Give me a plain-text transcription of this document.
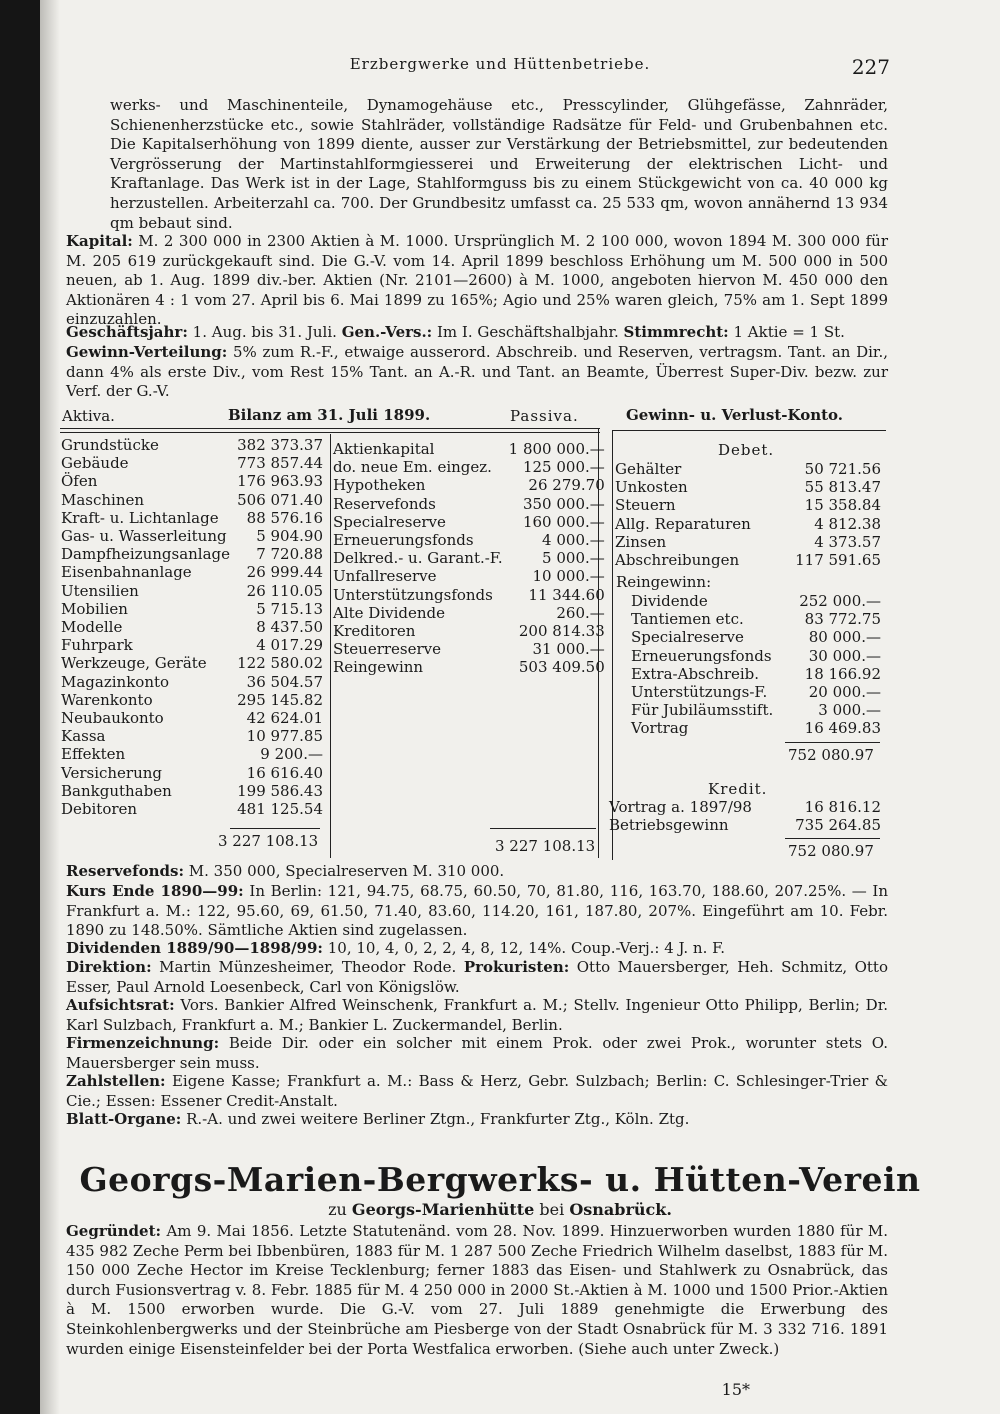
Erzbergwerke und Hüttenbetriebe.	227

werks- und Maschinenteile, Dynamogehäuse etc., Presscylinder, Glühgefässe, Zahnräder, Schienenherzstücke etc., sowie Stahlräder, vollständige Radsätze für Feld- und Grubenbahnen etc. Die Kapitalserhöhung von 1899 diente, ausser zur Verstärkung der Betriebsmittel, zur bedeutenden Vergrösserung der Martinstahlformgiesserei und Erweiterung der elektrischen Licht- und Kraftanlage. Das Werk ist in der Lage, Stahlformguss bis zu einem Stückgewicht von ca. 40 000 kg herzustellen. Arbeiterzahl ca. 700. Der Grundbesitz umfasst ca. 25 533 qm, wovon annähernd 13 934 qm bebaut sind.

Kapital: M. 2 300 000 in 2300 Aktien à M. 1000. Ursprünglich M. 2 100 000, wovon 1894 M. 300 000 für M. 205 619 zurückgekauft sind. Die G.-V. vom 14. April 1899 beschloss Erhöhung um M. 500 000 in 500 neuen, ab 1. Aug. 1899 div.-ber. Aktien (Nr. 2101—2600) à M. 1000, angeboten hiervon M. 450 000 den Aktionären 4 : 1 vom 27. April bis 6. Mai 1899 zu 165%; Agio und 25% waren gleich, 75% am 1. Sept 1899 einzuzahlen.

Geschäftsjahr: 1. Aug. bis 31. Juli. Gen.-Vers.: Im I. Geschäftshalbjahr. Stimmrecht: 1 Aktie = 1 St.

Gewinn-Verteilung: 5% zum R.-F., etwaige ausserord. Abschreib. und Reserven, vertragsm. Tant. an Dir., dann 4% als erste Div., vom Rest 15% Tant. an A.-R. und Tant. an Beamte, Überrest Super-Div. bezw. zur Verf. der G.-V.

Aktiva.	Bilanz am 31. Juli 1899.	Passiva.	Gewinn- u. Verlust-Konto.
Grundstücke	382 373.37
Gebäude	773 857.44
Öfen	176 963.93
Maschinen	506 071.40
Kraft- u. Lichtanlage	88 576.16
Gas- u. Wasserleitung	5 904.90
Dampfheizungsanlage	7 720.88
Eisenbahnanlage	26 999.44
Utensilien	26 110.05
Mobilien	5 715.13
Modelle	8 437.50
Fuhrpark	4 017.29
Werkzeuge, Geräte	122 580.02
Magazinkonto	36 504.57
Warenkonto	295 145.82
Neubaukonto	42 624.01
Kassa	10 977.85
Effekten	9 200.—
Versicherung	16 616.40
Bankguthaben	199 586.43
Debitoren	481 125.54
Aktienkapital	1 800 000.—
do. neue Em. eingez.	125 000.—
Hypotheken	26 279.70
Reservefonds	350 000.—
Specialreserve	160 000.—
Erneuerungsfonds	4 000.—
Delkred.- u. Garant.-F.	5 000.—
Unfallreserve	10 000.—
Unterstützungsfonds	11 344.60
Alte Dividende	260.—
Kreditoren	200 814.33
Steuerreserve	31 000.—
Reingewinn	503 409.50
3 227 108.13	3 227 108.13
Debet.
Gehälter	50 721.56
Unkosten	55 813.47
Steuern	15 358.84
Allg. Reparaturen	4 812.38
Zinsen	4 373.57
Abschreibungen	117 591.65
Reingewinn:
Dividende	252 000.—
Tantiemen etc.	83 772.75
Specialreserve	80 000.—
Erneuerungsfonds	30 000.—
Extra-Abschreib.	18 166.92
Unterstützungs-F.	20 000.—
Für Jubiläumsstift.	3 000.—
Vortrag	16 469.83
752 080.97
Kredit.
Vortrag a. 1897/98	16 816.12
Betriebsgewinn	735 264.85
752 080.97

Reservefonds: M. 350 000, Specialreserven M. 310 000.

Kurs Ende 1890—99: In Berlin: 121, 94.75, 68.75, 60.50, 70, 81.80, 116, 163.70, 188.60, 207.25%. — In Frankfurt a. M.: 122, 95.60, 69, 61.50, 71.40, 83.60, 114.20, 161, 187.80, 207%. Eingeführt am 10. Febr. 1890 zu 148.50%. Sämtliche Aktien sind zugelassen.

Dividenden 1889/90—1898/99: 10, 10, 4, 0, 2, 2, 4, 8, 12, 14%. Coup.-Verj.: 4 J. n. F.

Direktion: Martin Münzesheimer, Theodor Rode. Prokuristen: Otto Mauersberger, Heh. Schmitz, Otto Esser, Paul Arnold Loesenbeck, Carl von Königslöw.

Aufsichtsrat: Vors. Bankier Alfred Weinschenk, Frankfurt a. M.; Stellv. Ingenieur Otto Philipp, Berlin; Dr. Karl Sulzbach, Frankfurt a. M.; Bankier L. Zuckermandel, Berlin.

Firmenzeichnung: Beide Dir. oder ein solcher mit einem Prok. oder zwei Prok., worunter stets O. Mauersberger sein muss.

Zahlstellen: Eigene Kasse; Frankfurt a. M.: Bass & Herz, Gebr. Sulzbach; Berlin: C. Schlesinger-Trier & Cie.; Essen: Essener Credit-Anstalt.

Blatt-Organe: R.-A. und zwei weitere Berliner Ztgn., Frankfurter Ztg., Köln. Ztg.

Georgs-Marien-Bergwerks- u. Hütten-Verein
zu Georgs-Marienhütte bei Osnabrück.

Gegründet: Am 9. Mai 1856. Letzte Statutenänd. vom 28. Nov. 1899. Hinzuerworben wurden 1880 für M. 435 982 Zeche Perm bei Ibbenbüren, 1883 für M. 1 287 500 Zeche Friedrich Wilhelm daselbst, 1883 für M. 150 000 Zeche Hector im Kreise Tecklenburg; ferner 1883 das Eisen- und Stahlwerk zu Osnabrück, das durch Fusionsvertrag v. 8. Febr. 1885 für M. 4 250 000 in 2000 St.-Aktien à M. 1000 und 1500 Prior.-Aktien à M. 1500 erworben wurde. Die G.-V. vom 27. Juli 1889 genehmigte die Erwerbung des Steinkohlenbergwerks und der Steinbrüche am Piesberge von der Stadt Osnabrück für M. 3 332 716. 1891 wurden einige Eisensteinfelder bei der Porta Westfalica erworben. (Siehe auch unter Zweck.)

15*
